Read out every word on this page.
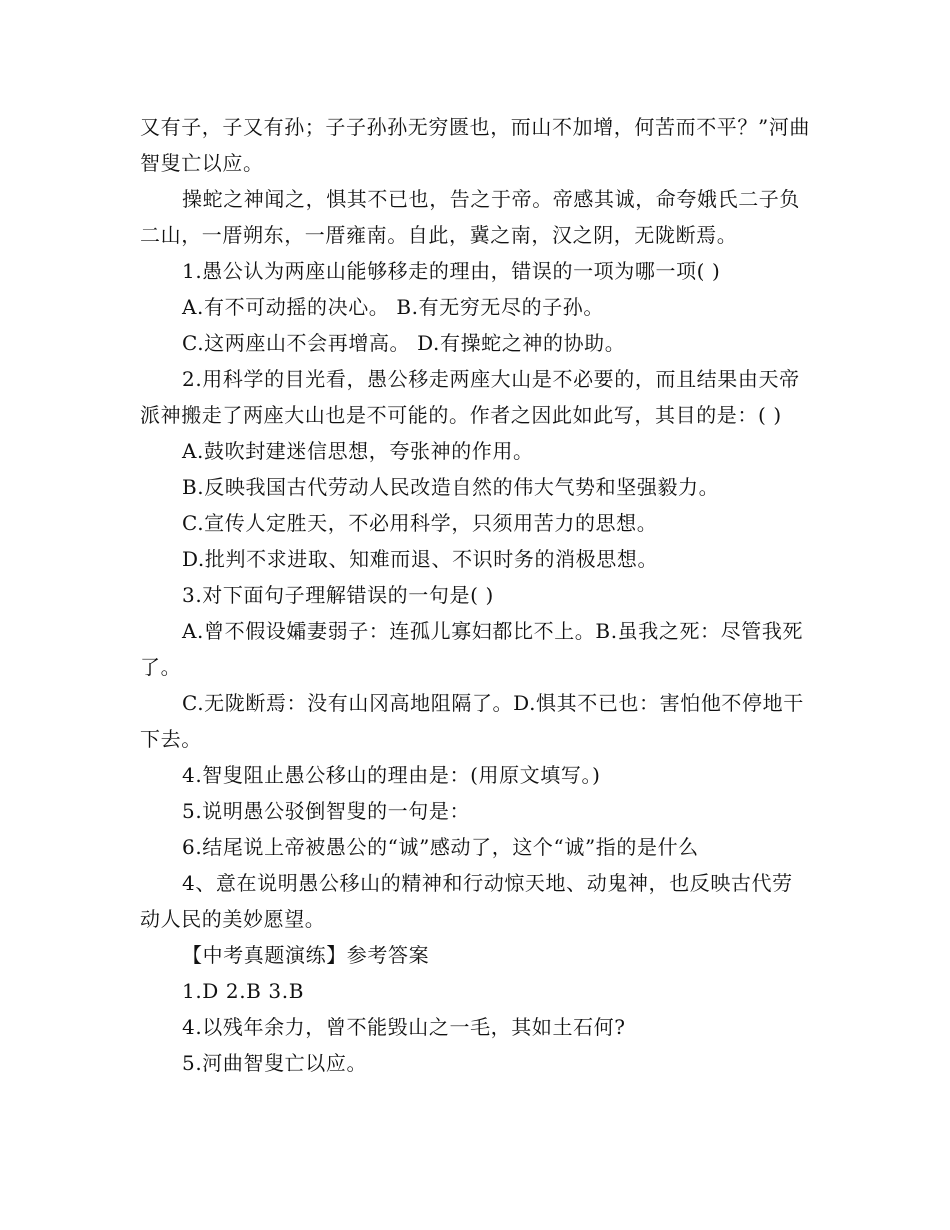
又有子，子又有孙；子子孙孙无穷匮也，而山不加增，何苦而不平？”河曲智叟亡以应。

操蛇之神闻之，惧其不已也，告之于帝。帝感其诚，命夸娥氏二子负二山，一厝朔东，一厝雍南。自此，冀之南，汉之阴，无陇断焉。

1.愚公认为两座山能够移走的理由，错误的一项为哪一项( )

A.有不可动摇的决心。 B.有无穷无尽的子孙。

C.这两座山不会再增高。 D.有操蛇之神的协助。

2.用科学的目光看，愚公移走两座大山是不必要的，而且结果由天帝派神搬走了两座大山也是不可能的。作者之因此如此写，其目的是：( )

A.鼓吹封建迷信思想，夸张神的作用。

B.反映我国古代劳动人民改造自然的伟大气势和坚强毅力。

C.宣传人定胜天，不必用科学，只须用苦力的思想。

D.批判不求进取、知难而退、不识时务的消极思想。

3.对下面句子理解错误的一句是( )

A.曾不假设孀妻弱子：连孤儿寡妇都比不上。B.虽我之死：尽管我死了。

C.无陇断焉：没有山冈高地阻隔了。D.惧其不已也：害怕他不停地干下去。

4.智叟阻止愚公移山的理由是：(用原文填写。)

5.说明愚公驳倒智叟的一句是：

6.结尾说上帝被愚公的“诚”感动了，这个“诚”指的是什么

4、意在说明愚公移山的精神和行动惊天地、动鬼神，也反映古代劳动人民的美妙愿望。

【中考真题演练】参考答案

1.D 2.B 3.B

4.以残年余力，曾不能毁山之一毛，其如土石何?

5.河曲智叟亡以应。
